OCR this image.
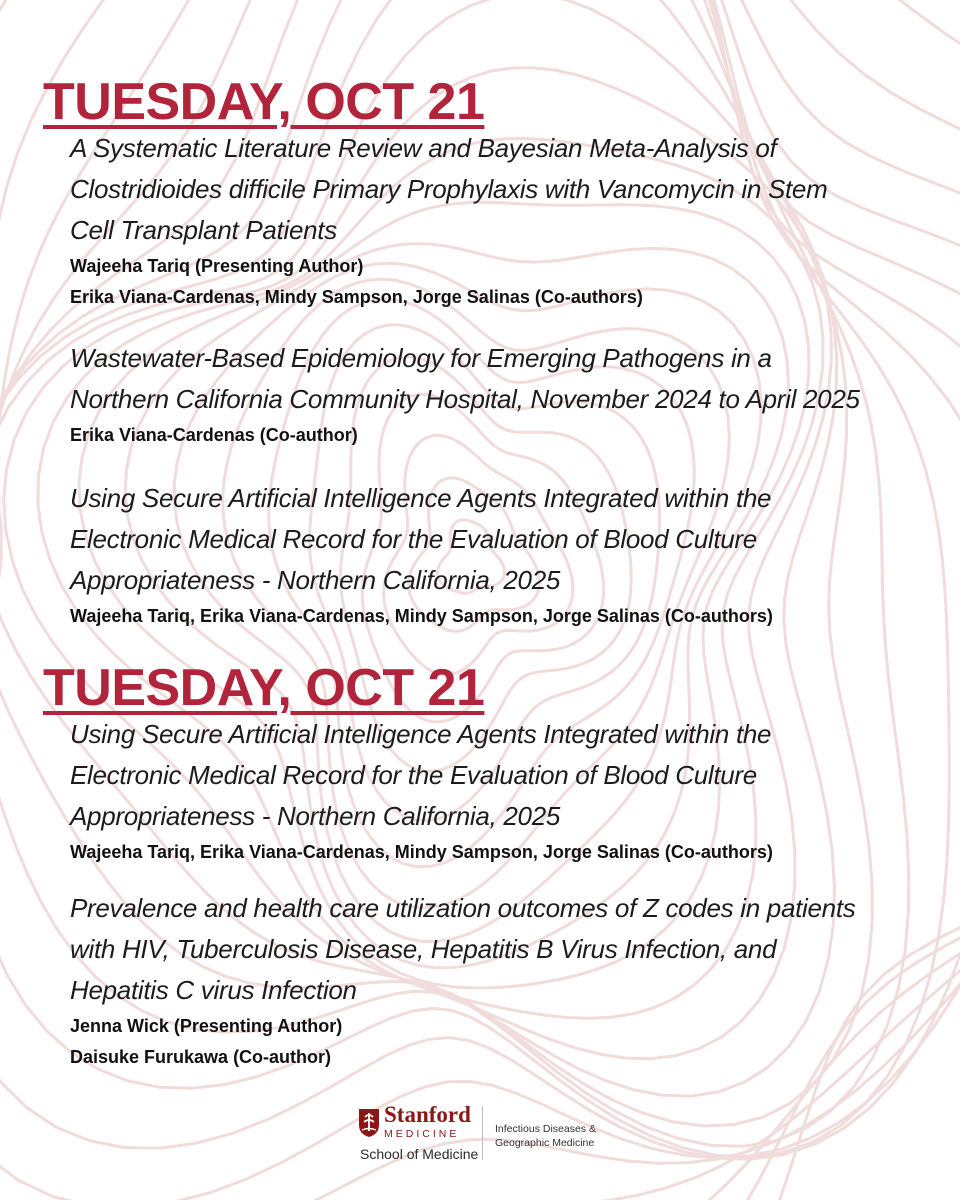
TUESDAY, OCT 21

A Systematic Literature Review and Bayesian Meta-Analysis of

Clostridioides difficile Primary Prophylaxis with Vancomycin in Stem

Cell Transplant Patients

Wajeeha Tariq (Presenting Author)

Erika Viana-Cardenas, Mindy Sampson, Jorge Salinas (Co-authors)

Wastewater-Based Epidemiology for Emerging Pathogens in a

Northern California Community Hospital, November 2024 to April 2025

Erika Viana-Cardenas (Co-author)

Using Secure Artificial Intelligence Agents Integrated within the

Electronic Medical Record for the Evaluation of Blood Culture

Appropriateness - Northern California, 2025

Wajeeha Tariq, Erika Viana-Cardenas, Mindy Sampson, Jorge Salinas (Co-authors)

TUESDAY, OCT 21

Using Secure Artificial Intelligence Agents Integrated within the

Electronic Medical Record for the Evaluation of Blood Culture

Appropriateness - Northern California, 2025

Wajeeha Tariq, Erika Viana-Cardenas, Mindy Sampson, Jorge Salinas (Co-authors)

Prevalence and health care utilization outcomes of Z codes in patients

with HIV, Tuberculosis Disease, Hepatitis B Virus Infection, and

Hepatitis C virus Infection

Jenna Wick (Presenting Author)

Daisuke Furukawa (Co-author)

Stanford
MEDICINE
School of Medicine
Infectious Diseases &
Geographic Medicine
